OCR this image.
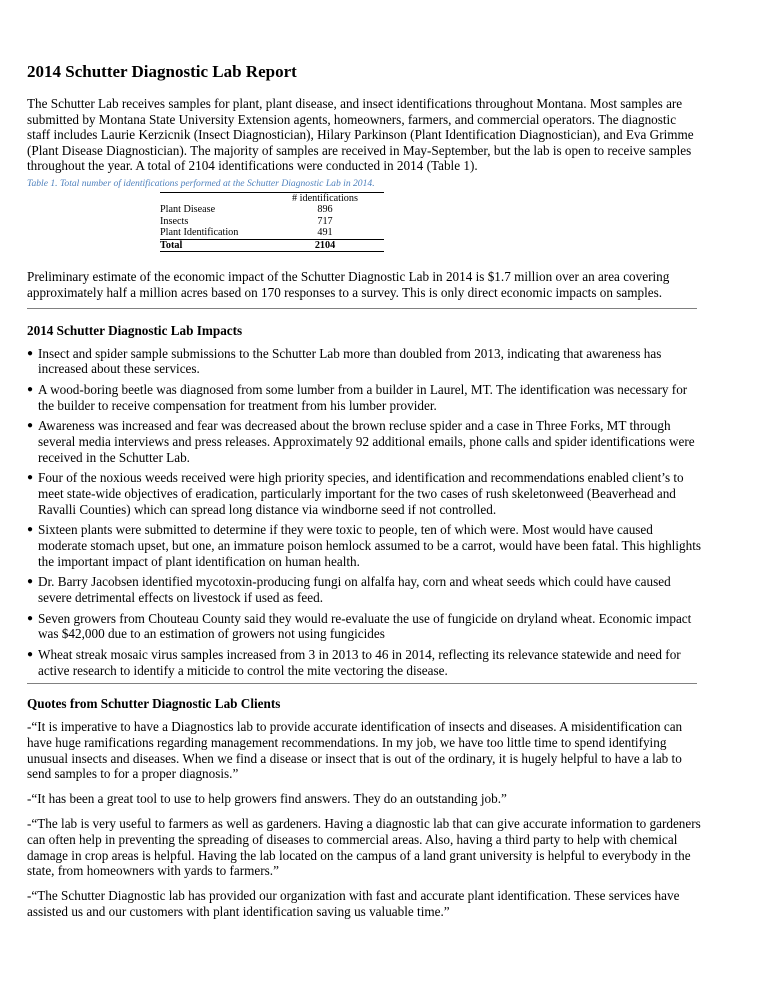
2014 Schutter Diagnostic Lab Report

The Schutter Lab receives samples for plant, plant disease, and insect identifications throughout Montana. Most samples are submitted by Montana State University Extension agents, homeowners, farmers, and commercial operators. The diagnostic staff includes Laurie Kerzicnik (Insect Diagnostician), Hilary Parkinson (Plant Identification Diagnostician), and Eva Grimme (Plant Disease Diagnostician). The majority of samples are received in May-September, but the lab is open to receive samples throughout the year. A total of 2104 identifications were conducted in 2014 (Table 1).

Table 1. Total number of identifications performed at the Schutter Diagnostic Lab in 2014.
	# identifications
Plant Disease	896
Insects	717
Plant Identification	491
Total	2104

Preliminary estimate of the economic impact of the Schutter Diagnostic Lab in 2014 is $1.7 million over an area covering approximately half a million acres based on 170 responses to a survey. This is only direct economic impacts on samples.

2014 Schutter Diagnostic Lab Impacts
● Insect and spider sample submissions to the Schutter Lab more than doubled from 2013, indicating that awareness has increased about these services.
● A wood-boring beetle was diagnosed from some lumber from a builder in Laurel, MT. The identification was necessary for the builder to receive compensation for treatment from his lumber provider.
● Awareness was increased and fear was decreased about the brown recluse spider and a case in Three Forks, MT through several media interviews and press releases. Approximately 92 additional emails, phone calls and spider identifications were received in the Schutter Lab.
● Four of the noxious weeds received were high priority species, and identification and recommendations enabled client’s to meet state-wide objectives of eradication, particularly important for the two cases of rush skeletonweed (Beaverhead and Ravalli Counties) which can spread long distance via windborne seed if not controlled.
● Sixteen plants were submitted to determine if they were toxic to people, ten of which were. Most would have caused moderate stomach upset, but one, an immature poison hemlock assumed to be a carrot, would have been fatal. This highlights the important impact of plant identification on human health.
● Dr. Barry Jacobsen identified mycotoxin-producing fungi on alfalfa hay, corn and wheat seeds which could have caused severe detrimental effects on livestock if used as feed.
● Seven growers from Chouteau County said they would re-evaluate the use of fungicide on dryland wheat. Economic impact was $42,000 due to an estimation of growers not using fungicides
● Wheat streak mosaic virus samples increased from 3 in 2013 to 46 in 2014, reflecting its relevance statewide and need for active research to identify a miticide to control the mite vectoring the disease.
Quotes from Schutter Diagnostic Lab Clients

-“It is imperative to have a Diagnostics lab to provide accurate identification of insects and diseases. A misidentification can have huge ramifications regarding management recommendations. In my job, we have too little time to spend identifying unusual insects and diseases. When we find a disease or insect that is out of the ordinary, it is hugely helpful to have a lab to send samples to for a proper diagnosis.”

-“It has been a great tool to use to help growers find answers. They do an outstanding job.”

-“The lab is very useful to farmers as well as gardeners. Having a diagnostic lab that can give accurate information to gardeners can often help in preventing the spreading of diseases to commercial areas. Also, having a third party to help with chemical damage in crop areas is helpful. Having the lab located on the campus of a land grant university is helpful to everybody in the state, from homeowners with yards to farmers.”

-“The Schutter Diagnostic lab has provided our organization with fast and accurate plant identification. These services have assisted us and our customers with plant identification saving us valuable time.”
